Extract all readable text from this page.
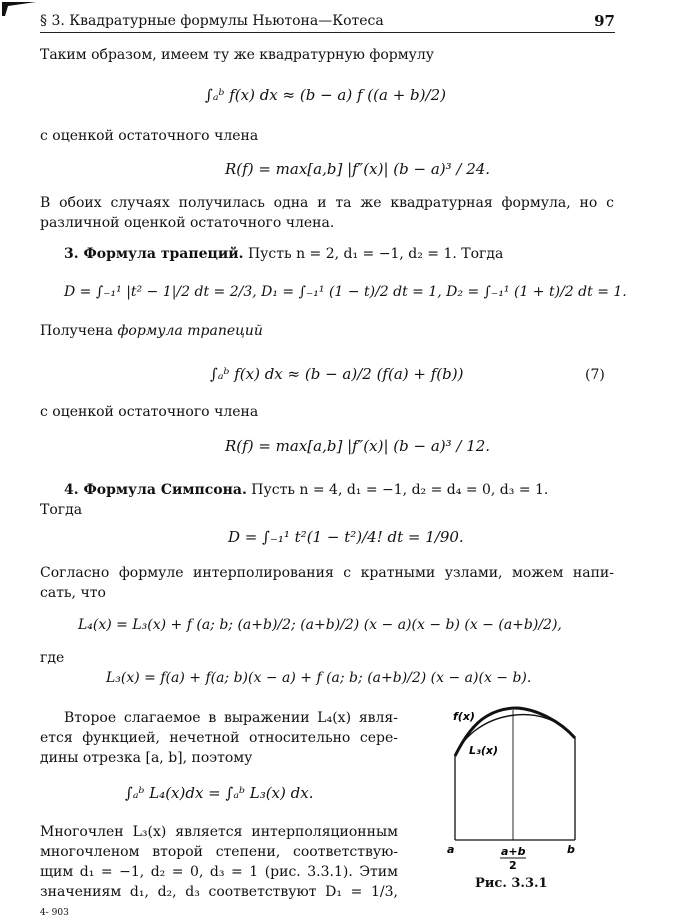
§ 3. Квадратурные формулы Ньютона—Котеса	97
Таким образом, имеем ту же квадратурную формулу
∫ₐᵇ f(x) dx ≈ (b − a) f ((a + b)/2)
с оценкой остаточного члена
R(f) = max[a,b] |f″(x)| (b − a)³ / 24.
В обоих случаях получилась одна и та же квадратурная формула, но с
различной оценкой остаточного члена.
3. Формула трапеций. Пусть n = 2, d₁ = −1, d₂ = 1. Тогда
D = ∫₋₁¹ |t² − 1|/2 dt = 2/3, D₁ = ∫₋₁¹ (1 − t)/2 dt = 1, D₂ = ∫₋₁¹ (1 + t)/2 dt = 1.
Получена формула трапеций
∫ₐᵇ f(x) dx ≈ (b − a)/2 (f(a) + f(b))	(7)
с оценкой остаточного члена
R(f) = max[a,b] |f″(x)| (b − a)³ / 12.
4. Формула Симпсона. Пусть n = 4, d₁ = −1, d₂ = d₄ = 0, d₃ = 1.
Тогда
D = ∫₋₁¹ t²(1 − t²)/4! dt = 1/90.
Согласно формуле интерполирования с кратными узлами, можем напи-
сать, что
L₄(x) = L₃(x) + f (a; b; (a+b)/2; (a+b)/2) (x − a)(x − b) (x − (a+b)/2),
где
L₃(x) = f(a) + f(a; b)(x − a) + f (a; b; (a+b)/2) (x − a)(x − b).
Второе слагаемое в выражении L₄(x) явля-
ется функцией, нечетной относительно сере-
дины отрезка [a, b], поэтому
∫ₐᵇ L₄(x)dx = ∫ₐᵇ L₃(x) dx.
Многочлен L₃(x) является интерполяционным
многочленом второй степени, соответствую-
щим d₁ = −1, d₂ = 0, d₃ = 1 (рис. 3.3.1). Этим
значениям d₁, d₂, d₃ соответствуют D₁ = 1/3,
f(x)
L₃(x)
a	a+b
2
b
Рис. 3.3.1
4- 903
